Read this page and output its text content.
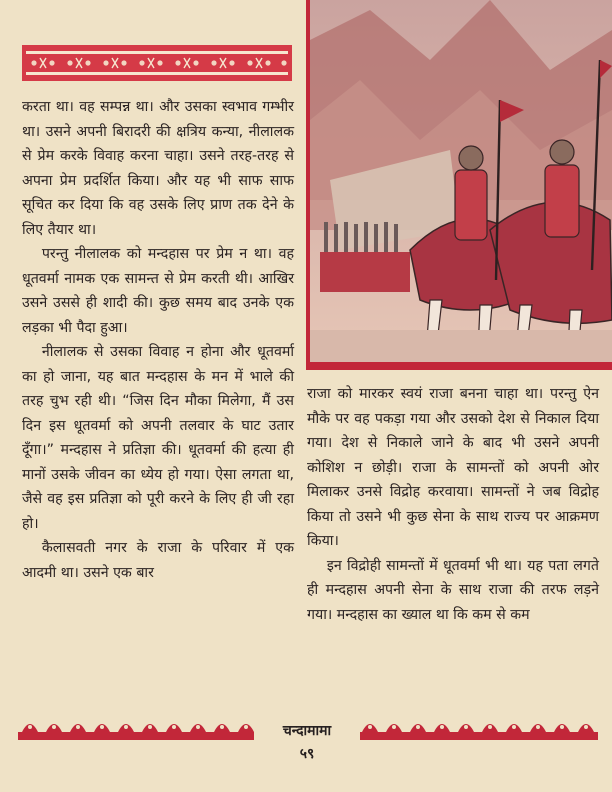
करता था। वह सम्पन्न था। और उसका स्वभाव गम्भीर था। उसने अपनी बिरादरी की क्षत्रिय कन्या, नीलालक से प्रेम करके विवाह करना चाहा। उसने तरह-तरह से अपना प्रेम प्रदर्शित किया। और यह भी साफ साफ सूचित कर दिया कि वह उसके लिए प्राण तक देने के लिए तैयार था।

परन्तु नीलालक को मन्दहास पर प्रेम न था। वह धूतवर्मा नामक एक सामन्त से प्रेम करती थी। आखिर उसने उससे ही शादी की। कुछ समय बाद उनके एक लड़का भी पैदा हुआ।

नीलालक से उसका विवाह न होना और धूतवर्मा का हो जाना, यह बात मन्दहास के मन में भाले की तरह चुभ रही थी। “जिस दिन मौका मिलेगा, मैं उस दिन इस धूतवर्मा को अपनी तलवार के घाट उतार दूँगा।” मन्दहास ने प्रतिज्ञा की। धूतवर्मा की हत्या ही मानों उसके जीवन का ध्येय हो गया। ऐसा लगता था, जैसे वह इस प्रतिज्ञा को पूरी करने के लिए ही जी रहा हो।

कैलासवती नगर के राजा के परिवार में एक आदमी था। उसने एक बार

राजा को मारकर स्वयं राजा बनना चाहा था। परन्तु ऐन मौके पर वह पकड़ा गया और उसको देश से निकाल दिया गया। देश से निकाले जाने के बाद भी उसने अपनी कोशिश न छोड़ी। राजा के सामन्तों को अपनी ओर मिलाकर उनसे विद्रोह करवाया। सामन्तों ने जब विद्रोह किया तो उसने भी कुछ सेना के साथ राज्य पर आक्रमण किया।

इन विद्रोही सामन्तों में धूतवर्मा भी था। यह पता लगते ही मन्दहास अपनी सेना के साथ राजा की तरफ लड़ने गया। मन्दहास का ख्याल था कि कम से कम

चन्दामामा
५९
